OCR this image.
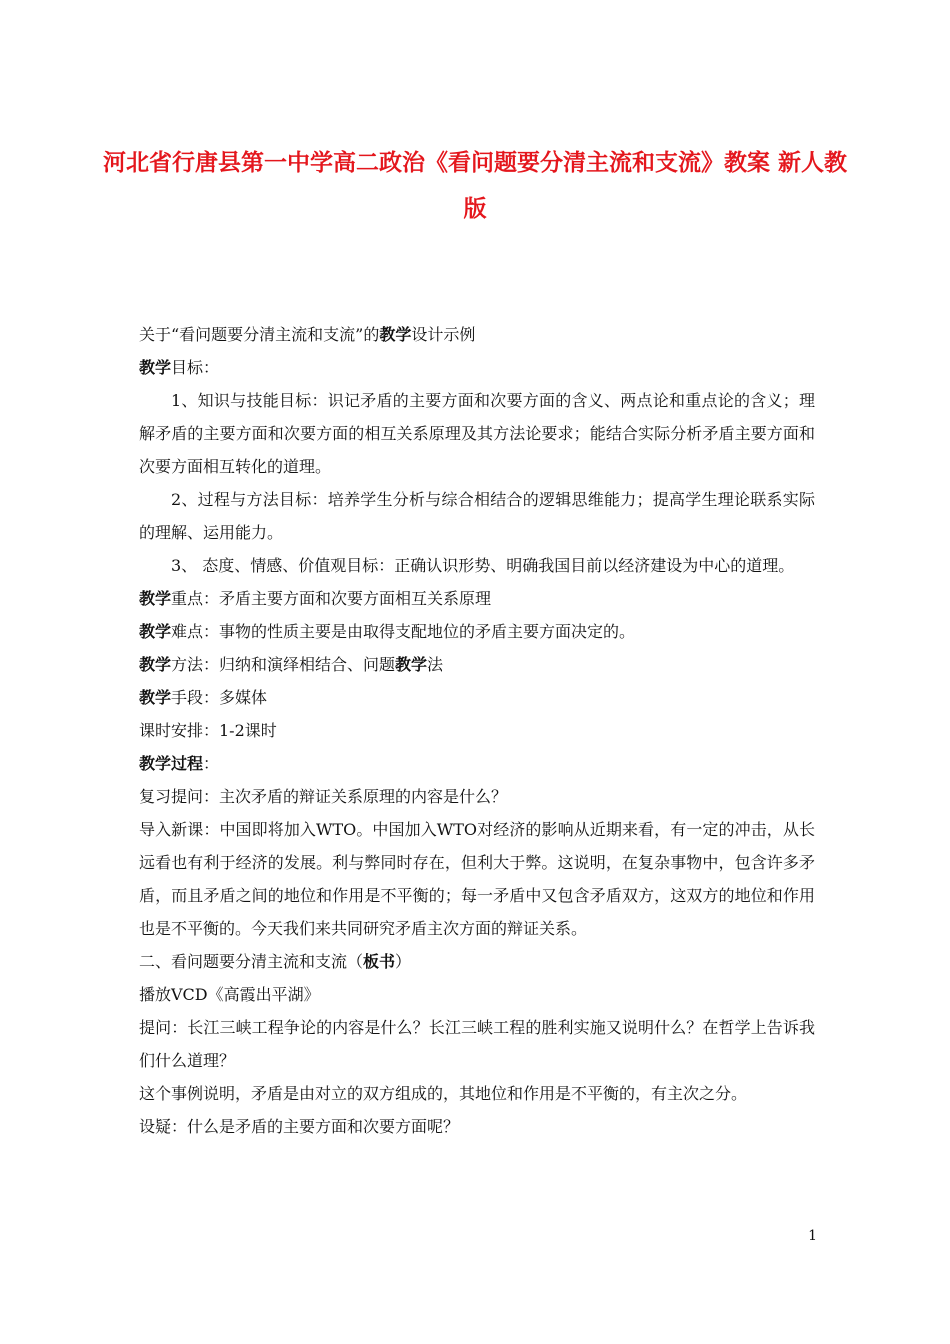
河北省行唐县第一中学高二政治《看问题要分清主流和支流》教案 新人教版

关于“看问题要分清主流和支流”的教学设计示例

教学目标：

1、知识与技能目标：识记矛盾的主要方面和次要方面的含义、两点论和重点论的含义；理解矛盾的主要方面和次要方面的相互关系原理及其方法论要求；能结合实际分析矛盾主要方面和次要方面相互转化的道理。

2、过程与方法目标：培养学生分析与综合相结合的逻辑思维能力；提高学生理论联系实际的理解、运用能力。

3、 态度、情感、价值观目标：正确认识形势、明确我国目前以经济建设为中心的道理。

教学重点：矛盾主要方面和次要方面相互关系原理

教学难点：事物的性质主要是由取得支配地位的矛盾主要方面决定的。

教学方法：归纳和演绎相结合、问题教学法

教学手段：多媒体

课时安排：1-2课时

教学过程：

复习提问：主次矛盾的辩证关系原理的内容是什么？

导入新课：中国即将加入WTO。中国加入WTO对经济的影响从近期来看，有一定的冲击，从长远看也有利于经济的发展。利与弊同时存在，但利大于弊。这说明，在复杂事物中，包含许多矛盾，而且矛盾之间的地位和作用是不平衡的；每一矛盾中又包含矛盾双方，这双方的地位和作用也是不平衡的。今天我们来共同研究矛盾主次方面的辩证关系。

二、看问题要分清主流和支流（板书）

播放VCD《高霞出平湖》

提问：长江三峡工程争论的内容是什么？长江三峡工程的胜利实施又说明什么？在哲学上告诉我们什么道理？

这个事例说明，矛盾是由对立的双方组成的，其地位和作用是不平衡的，有主次之分。

设疑：什么是矛盾的主要方面和次要方面呢？

1
